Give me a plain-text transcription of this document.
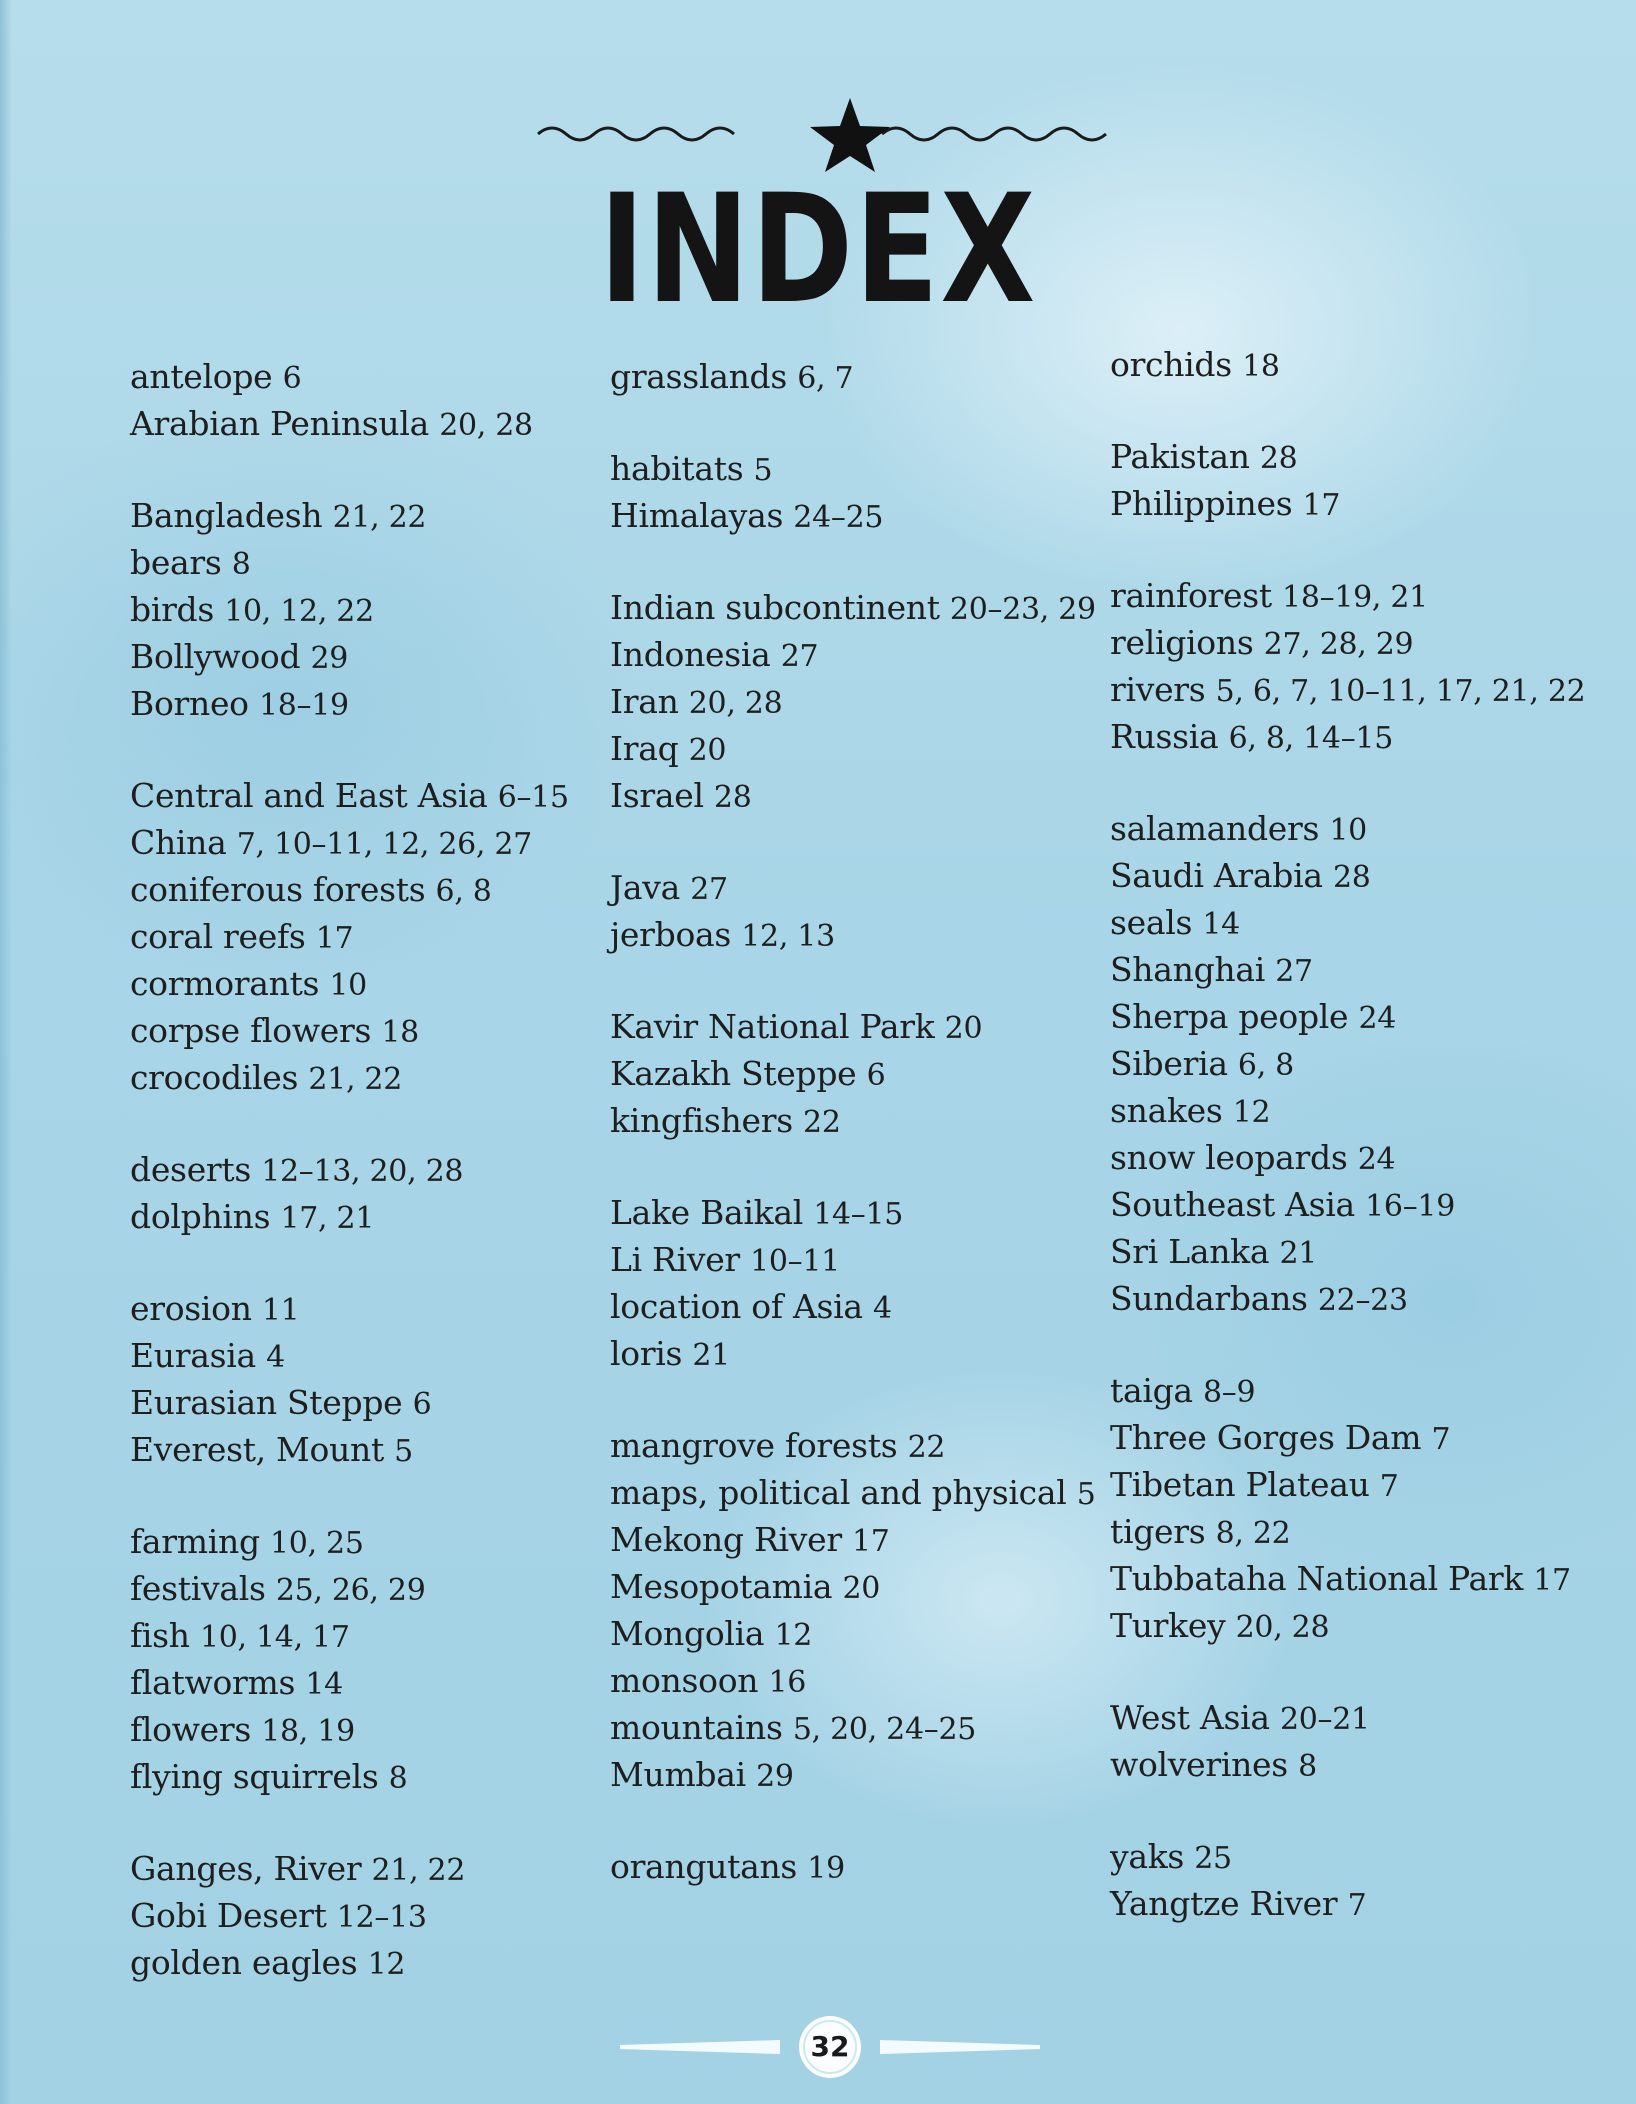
INDEX
antelope 6
Arabian Peninsula 20, 28
Bangladesh 21, 22
bears 8
birds 10, 12, 22
Bollywood 29
Borneo 18–19
Central and East Asia 6–15
China 7, 10–11, 12, 26, 27
coniferous forests 6, 8
coral reefs 17
cormorants 10
corpse flowers 18
crocodiles 21, 22
deserts 12–13, 20, 28
dolphins 17, 21
erosion 11
Eurasia 4
Eurasian Steppe 6
Everest, Mount 5
farming 10, 25
festivals 25, 26, 29
fish 10, 14, 17
flatworms 14
flowers 18, 19
flying squirrels 8
Ganges, River 21, 22
Gobi Desert 12–13
golden eagles 12
grasslands 6, 7
habitats 5
Himalayas 24–25
Indian subcontinent 20–23, 29
Indonesia 27
Iran 20, 28
Iraq 20
Israel 28
Java 27
jerboas 12, 13
Kavir National Park 20
Kazakh Steppe 6
kingfishers 22
Lake Baikal 14–15
Li River 10–11
location of Asia 4
loris 21
mangrove forests 22
maps, political and physical 5
Mekong River 17
Mesopotamia 20
Mongolia 12
monsoon 16
mountains 5, 20, 24–25
Mumbai 29
orangutans 19
orchids 18
Pakistan 28
Philippines 17
rainforest 18–19, 21
religions 27, 28, 29
rivers 5, 6, 7, 10–11, 17, 21, 22
Russia 6, 8, 14–15
salamanders 10
Saudi Arabia 28
seals 14
Shanghai 27
Sherpa people 24
Siberia 6, 8
snakes 12
snow leopards 24
Southeast Asia 16–19
Sri Lanka 21
Sundarbans 22–23
taiga 8–9
Three Gorges Dam 7
Tibetan Plateau 7
tigers 8, 22
Tubbataha National Park 17
Turkey 20, 28
West Asia 20–21
wolverines 8
yaks 25
Yangtze River 7
32
